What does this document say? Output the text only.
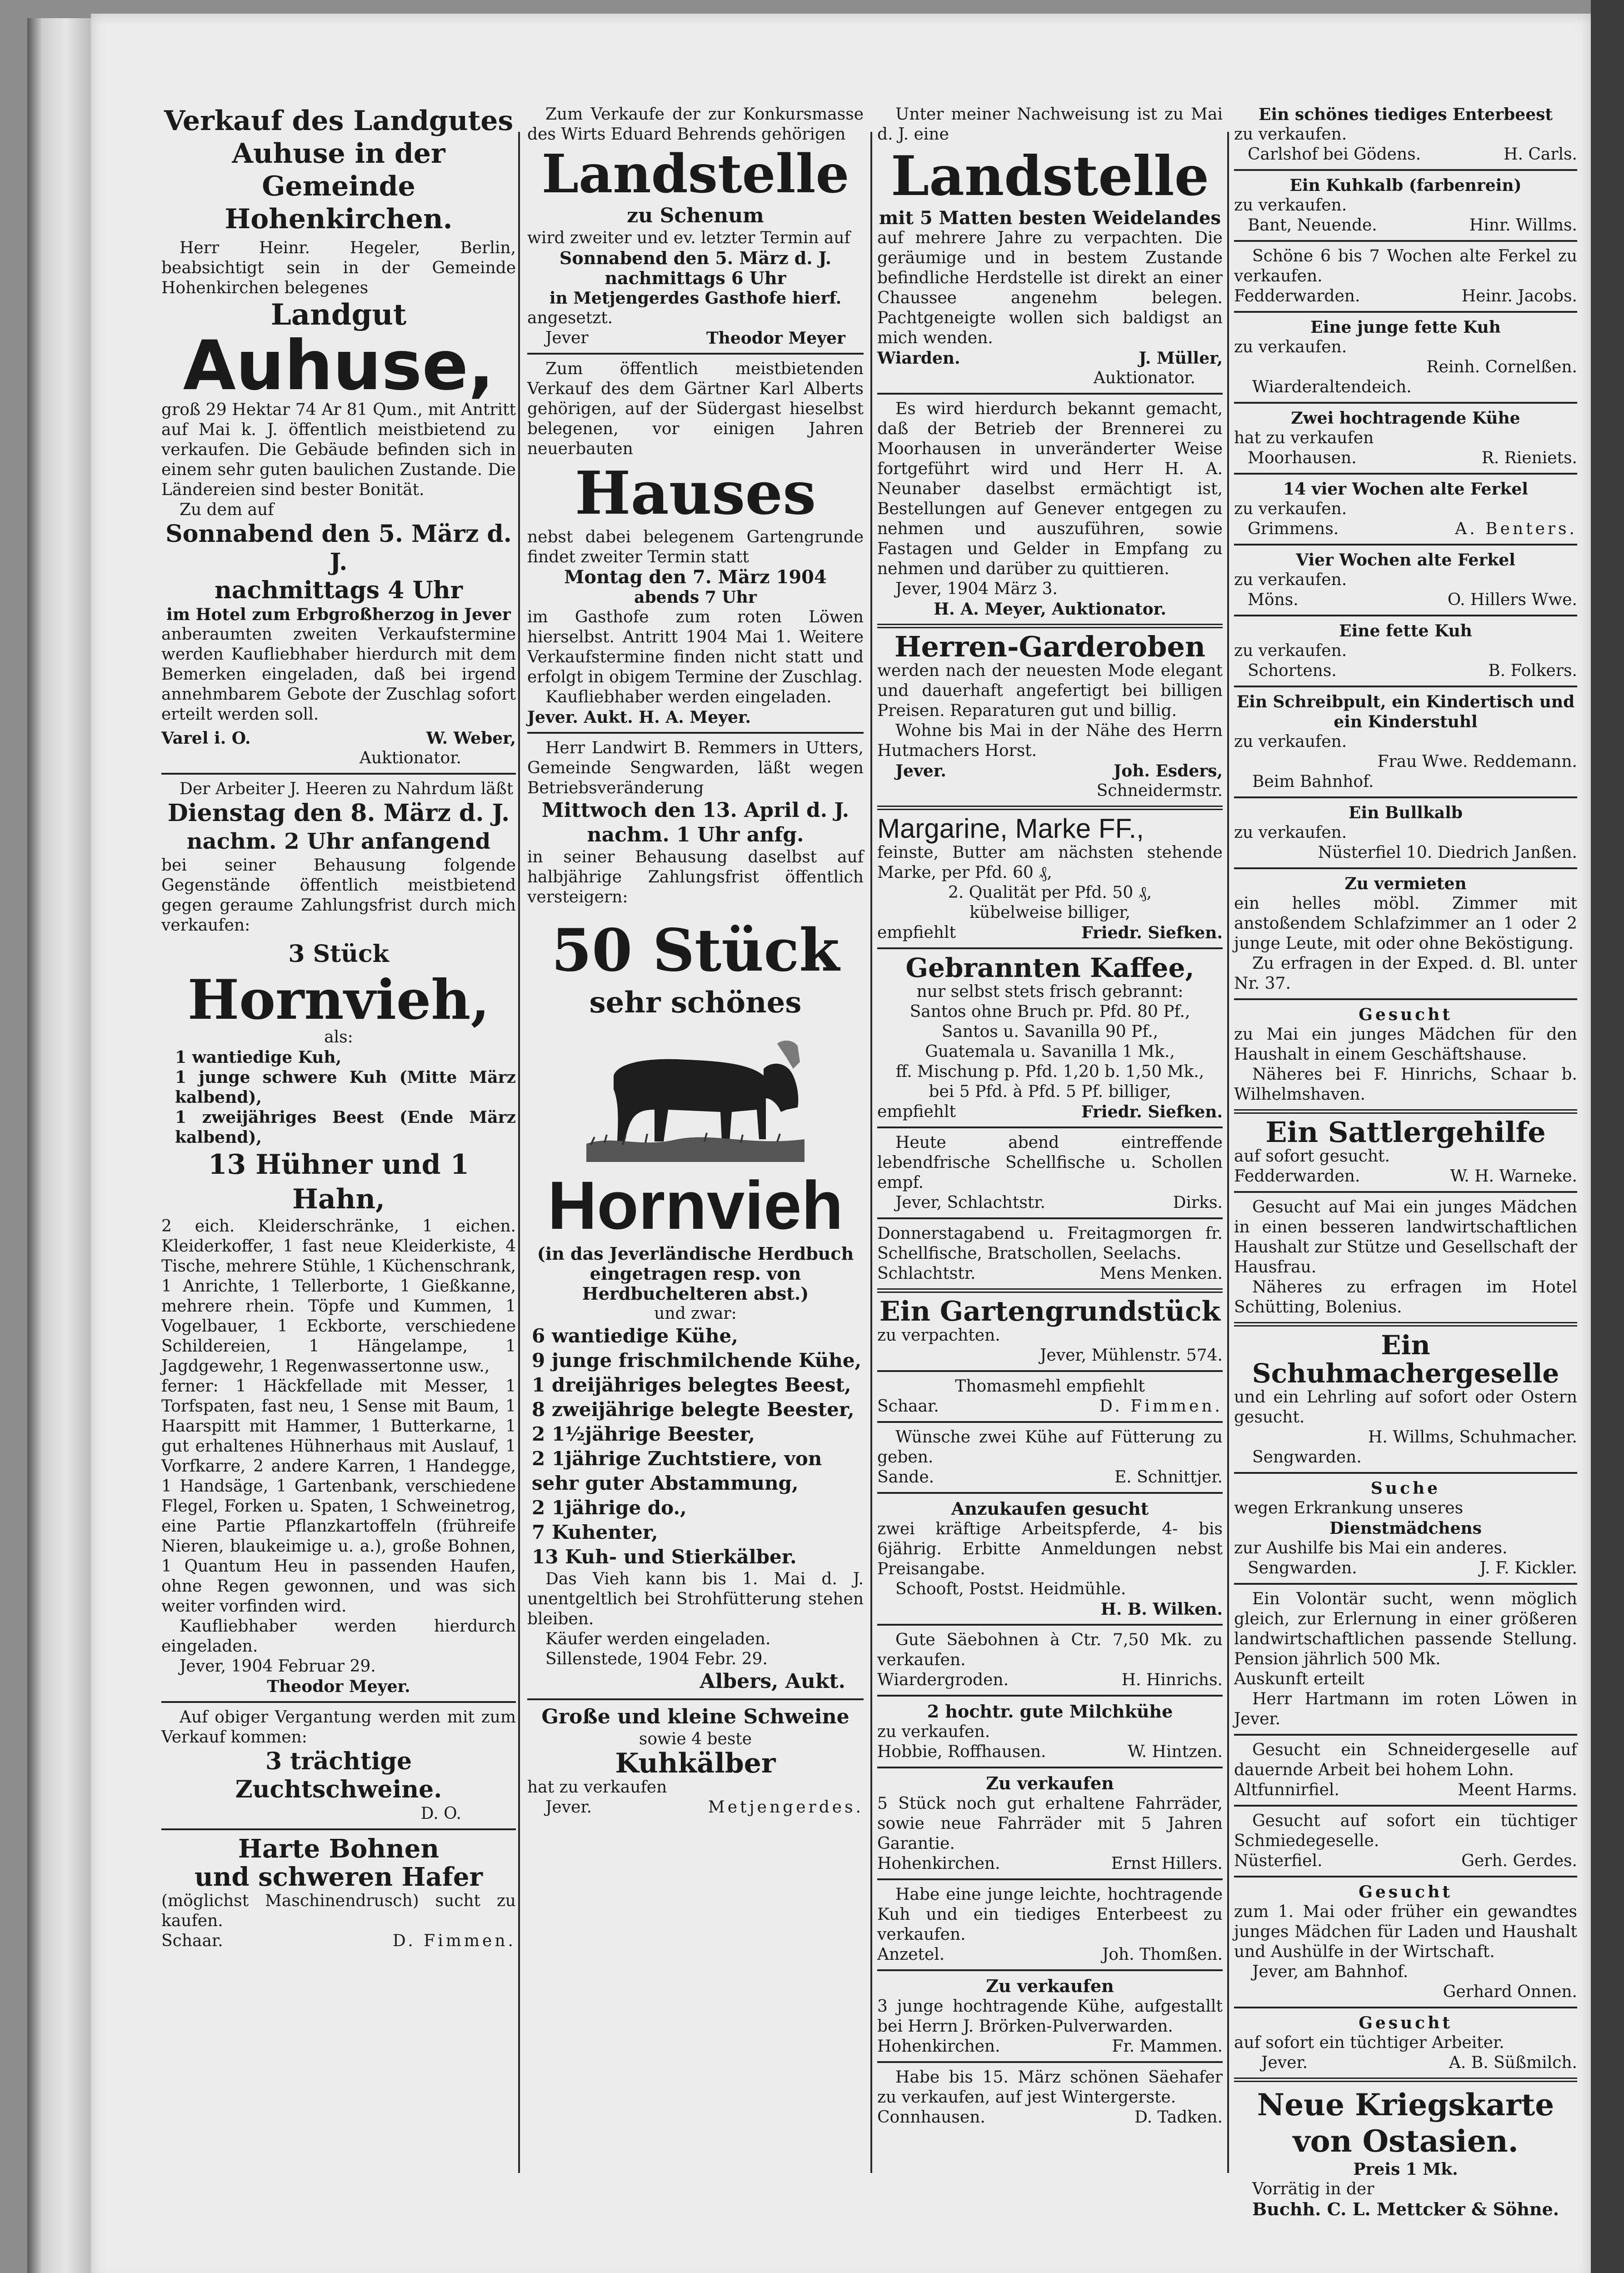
Verkauf des Landgutes Auhuse in der Gemeinde Hohenkirchen.

Herr Heinr. Hegeler, Berlin, beabsichtigt sein in der Gemeinde Hohenkirchen belegenes

Landgut

Auhuse,

groß 29 Hektar 74 Ar 81 Qum., mit Antritt auf Mai k. J. öffentlich meistbietend zu verkaufen. Die Gebäude befinden sich in einem sehr guten baulichen Zustande. Die Ländereien sind bester Bonität.

Zu dem auf

Sonnabend den 5. März d. J.

nachmittags 4 Uhr

im Hotel zum Erbgroßherzog in Jever

anberaumten zweiten Verkaufstermine werden Kaufliebhaber hierdurch mit dem Bemerken eingeladen, daß bei irgend annehmbarem Gebote der Zuschlag sofort erteilt werden soll.

Varel i. O.	W. Weber,

Auktionator.

Der Arbeiter J. Heeren zu Nahrdum läßt

Dienstag den 8. März d. J.

nachm. 2 Uhr anfangend

bei seiner Behausung folgende Gegenstände öffentlich meistbietend gegen geraume Zahlungsfrist durch mich verkaufen:

3 Stück

Hornvieh,

als:

1 wantiedige Kuh,

1 junge schwere Kuh (Mitte März kalbend),

1 zweijähriges Beest (Ende März kalbend),

13 Hühner und 1 Hahn,

2 eich. Kleiderschränke, 1 eichen. Kleiderkoffer, 1 fast neue Kleiderkiste, 4 Tische, mehrere Stühle, 1 Küchenschrank, 1 Anrichte, 1 Tellerborte, 1 Gießkanne, mehrere rhein. Töpfe und Kummen, 1 Vogelbauer, 1 Eckborte, verschiedene Schildereien, 1 Hängelampe, 1 Jagdgewehr, 1 Regenwassertonne usw.,

ferner: 1 Häckfellade mit Messer, 1 Torfspaten, fast neu, 1 Sense mit Baum, 1 Haarspitt mit Hammer, 1 Butterkarne, 1 gut erhaltenes Hühnerhaus mit Auslauf, 1 Vorfkarre, 2 andere Karren, 1 Handegge, 1 Handsäge, 1 Gartenbank, verschiedene Flegel, Forken u. Spaten, 1 Schweinetrog, eine Partie Pflanzkartoffeln (frühreife Nieren, blaukeimige u. a.), große Bohnen, 1 Quantum Heu in passenden Haufen, ohne Regen gewonnen, und was sich weiter vorfinden wird.

Kaufliebhaber werden hierdurch eingeladen.

Jever, 1904 Februar 29.

Theodor Meyer.

Auf obiger Vergantung werden mit zum Verkauf kommen:

3 trächtige Zuchtschweine.

D. O.

Harte Bohnen

und schweren Hafer

(möglichst Maschinendrusch) sucht zu kaufen.

Schaar.	D. Fimmen.

Zum Verkaufe der zur Konkursmasse des Wirts Eduard Behrends gehörigen

Landstelle

zu Schenum

wird zweiter und ev. letzter Termin auf

Sonnabend den 5. März d. J. nachmittags 6 Uhr

in Metjengerdes Gasthofe hierf.

angesetzt.

Jever	Theodor Meyer

Zum öffentlich meistbietenden Verkauf des dem Gärtner Karl Alberts gehörigen, auf der Südergast hieselbst belegenen, vor einigen Jahren neuerbauten

Hauses

nebst dabei belegenem Gartengrunde findet zweiter Termin statt

Montag den 7. März 1904

abends 7 Uhr

im Gasthofe zum roten Löwen hierselbst. Antritt 1904 Mai 1. Weitere Verkaufstermine finden nicht statt und erfolgt in obigem Termine der Zuschlag.

Kaufliebhaber werden eingeladen.

Jever. Aukt. H. A. Meyer.

Herr Landwirt B. Remmers in Utters, Gemeinde Sengwarden, läßt wegen Betriebsveränderung

Mittwoch den 13. April d. J.

nachm. 1 Uhr anfg.

in seiner Behausung daselbst auf halbjährige Zahlungsfrist öffentlich versteigern:

50 Stück

sehr schönes

Hornvieh

(in das Jeverländische Herdbuch eingetragen resp. von Herdbuchelteren abst.)

und zwar:

6 wantiedige Kühe,

9 junge frischmilchende Kühe,

1 dreijähriges belegtes Beest,

8 zweijährige belegte Beester,

2 1½jährige Beester,

2 1jährige Zuchtstiere, von sehr guter Abstammung,

2 1jährige do.,

7 Kuhenter,

13 Kuh- und Stierkälber.

Das Vieh kann bis 1. Mai d. J. unentgeltlich bei Strohfütterung stehen bleiben.

Käufer werden eingeladen.

Sillenstede, 1904 Febr. 29.

Albers, Aukt.

Große und kleine Schweine

sowie 4 beste

Kuhkälber

hat zu verkaufen

Jever.	Metjengerdes.

Unter meiner Nachweisung ist zu Mai d. J. eine

Landstelle

mit 5 Matten besten Weidelandes

auf mehrere Jahre zu verpachten. Die geräumige und in bestem Zustande befindliche Herdstelle ist direkt an einer Chaussee angenehm belegen. Pachtgeneigte wollen sich baldigst an mich wenden.

Wiarden.	J. Müller,

Auktionator.

Es wird hierdurch bekannt gemacht, daß der Betrieb der Brennerei zu Moorhausen in unveränderter Weise fortgeführt wird und Herr H. A. Neunaber daselbst ermächtigt ist, Bestellungen auf Genever entgegen zu nehmen und auszuführen, sowie Fastagen und Gelder in Empfang zu nehmen und darüber zu quittieren.

Jever, 1904 März 3.

H. A. Meyer, Auktionator.

Herren-Garderoben

werden nach der neuesten Mode elegant und dauerhaft angefertigt bei billigen Preisen. Reparaturen gut und billig.

Wohne bis Mai in der Nähe des Herrn Hutmachers Horst.

Jever.	Joh. Esders,

Schneidermstr.

Margarine, Marke FF.,

feinste, Butter am nächsten stehende Marke, per Pfd. 60 ₰,

2. Qualität per Pfd. 50 ₰,

kübelweise billiger,

empfiehlt	Friedr. Siefken.

Gebrannten Kaffee,

nur selbst stets frisch gebrannt:

Santos ohne Bruch pr. Pfd. 80 Pf.,

Santos u. Savanilla 90 Pf.,

Guatemala u. Savanilla 1 Mk.,

ff. Mischung p. Pfd. 1,20 b. 1,50 Mk.,

bei 5 Pfd. à Pfd. 5 Pf. billiger,

empfiehlt	Friedr. Siefken.

Heute abend eintreffende lebendfrische Schellfische u. Schollen empf.

Jever, Schlachtstr.	Dirks.

Donnerstagabend u. Freitagmorgen fr. Schellfische, Bratschollen, Seelachs.

Schlachtstr.	Mens Menken.

Ein Gartengrundstück

zu verpachten.

Jever, Mühlenstr. 574.

Thomasmehl empfiehlt

Schaar.	D. Fimmen.

Wünsche zwei Kühe auf Fütterung zu geben.

Sande.	E. Schnittjer.

Anzukaufen gesucht

zwei kräftige Arbeitspferde, 4- bis 6jährig. Erbitte Anmeldungen nebst Preisangabe.

Schooft, Postst. Heidmühle.

H. B. Wilken.

Gute Säebohnen à Ctr. 7,50 Mk. zu verkaufen.

Wiardergroden.	H. Hinrichs.

2 hochtr. gute Milchkühe

zu verkaufen.

Hobbie, Roffhausen.	W. Hintzen.

Zu verkaufen

5 Stück noch gut erhaltene Fahrräder, sowie neue Fahrräder mit 5 Jahren Garantie.

Hohenkirchen.	Ernst Hillers.

Habe eine junge leichte, hochtragende Kuh und ein tiediges Enterbeest zu verkaufen.

Anzetel.	Joh. Thomßen.

Zu verkaufen

3 junge hochtragende Kühe, aufgestallt bei Herrn J. Brörken-Pulverwarden.

Hohenkirchen.	Fr. Mammen.

Habe bis 15. März schönen Säehafer zu verkaufen, auf jest Wintergerste.

Connhausen.	D. Tadken.

Ein schönes tiediges Enterbeest

zu verkaufen.

Carlshof bei Gödens.	H. Carls.

Ein Kuhkalb (farbenrein)

zu verkaufen.

Bant, Neuende.	Hinr. Willms.

Schöne 6 bis 7 Wochen alte Ferkel zu verkaufen.

Fedderwarden.	Heinr. Jacobs.

Eine junge fette Kuh

zu verkaufen.

Reinh. Cornelßen.

Wiarderaltendeich.

Zwei hochtragende Kühe

hat zu verkaufen

Moorhausen.	R. Rieniets.

14 vier Wochen alte Ferkel

zu verkaufen.

Grimmens.	A. Benters.

Vier Wochen alte Ferkel

zu verkaufen.

Möns.	O. Hillers Wwe.

Eine fette Kuh

zu verkaufen.

Schortens.	B. Folkers.

Ein Schreibpult, ein Kindertisch und ein Kinderstuhl

zu verkaufen.

Frau Wwe. Reddemann.

Beim Bahnhof.

Ein Bullkalb

zu verkaufen.

Nüsterfiel 10. Diedrich Janßen.

Zu vermieten

ein helles möbl. Zimmer mit anstoßendem Schlafzimmer an 1 oder 2 junge Leute, mit oder ohne Beköstigung.

Zu erfragen in der Exped. d. Bl. unter Nr. 37.

Gesucht

zu Mai ein junges Mädchen für den Haushalt in einem Geschäftshause.

Näheres bei F. Hinrichs, Schaar b. Wilhelmshaven.

Ein Sattlergehilfe

auf sofort gesucht.

Fedderwarden.	W. H. Warneke.

Gesucht auf Mai ein junges Mädchen in einen besseren landwirtschaftlichen Haushalt zur Stütze und Gesellschaft der Hausfrau.

Näheres zu erfragen im Hotel Schütting, Bolenius.

Ein Schuhmachergeselle

und ein Lehrling auf sofort oder Ostern gesucht.

H. Willms, Schuhmacher.

Sengwarden.

Suche

wegen Erkrankung unseres

Dienstmädchens

zur Aushilfe bis Mai ein anderes.

Sengwarden.	J. F. Kickler.

Ein Volontär sucht, wenn möglich gleich, zur Erlernung in einer größeren landwirtschaftlichen passende Stellung. Pension jährlich 500 Mk.

Auskunft erteilt

Herr Hartmann im roten Löwen in Jever.

Gesucht ein Schneidergeselle auf dauernde Arbeit bei hohem Lohn.

Altfunnirfiel.	Meent Harms.

Gesucht auf sofort ein tüchtiger Schmiedegeselle.

Nüsterfiel.	Gerh. Gerdes.

Gesucht

zum 1. Mai oder früher ein gewandtes junges Mädchen für Laden und Haushalt und Aushülfe in der Wirtschaft.

Jever, am Bahnhof.

Gerhard Onnen.

Gesucht

auf sofort ein tüchtiger Arbeiter.

Jever.	A. B. Süßmilch.

Neue Kriegskarte

von Ostasien.

Preis 1 Mk.

Vorrätig in der

Buchh. C. L. Mettcker & Söhne.
